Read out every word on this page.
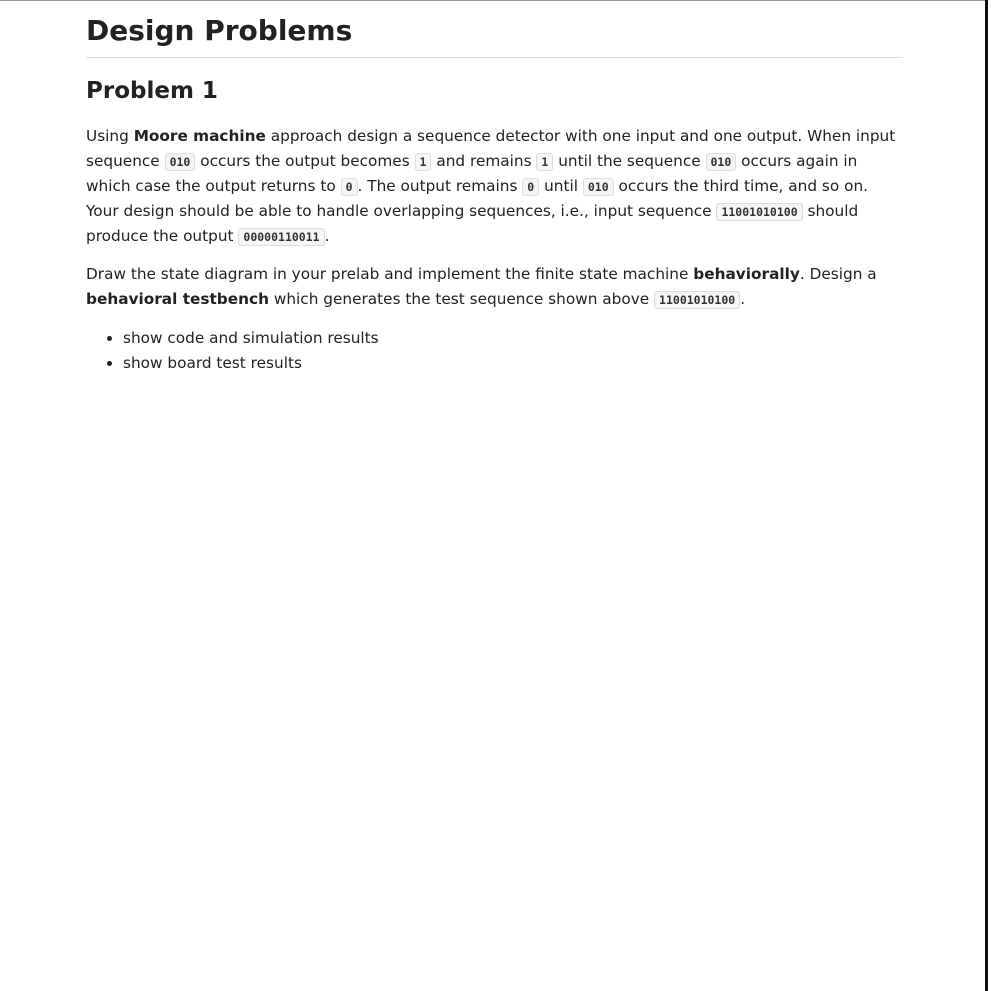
Design Problems
Problem 1
Using Moore machine approach design a sequence detector with one input and one output. When input
sequence 010 occurs the output becomes 1 and remains 1 until the sequence 010 occurs again in
which case the output returns to 0 . The output remains 0 until 010 occurs the third time, and so on.
Your design should be able to handle overlapping sequences, i.e., input sequence 11001010100 should
produce the output 00000110011 .
Draw the state diagram in your prelab and implement the finite state machine behaviorally. Design a
behavioral testbench which generates the test sequence shown above 11001010100 .
• show code and simulation results
• show board test results
